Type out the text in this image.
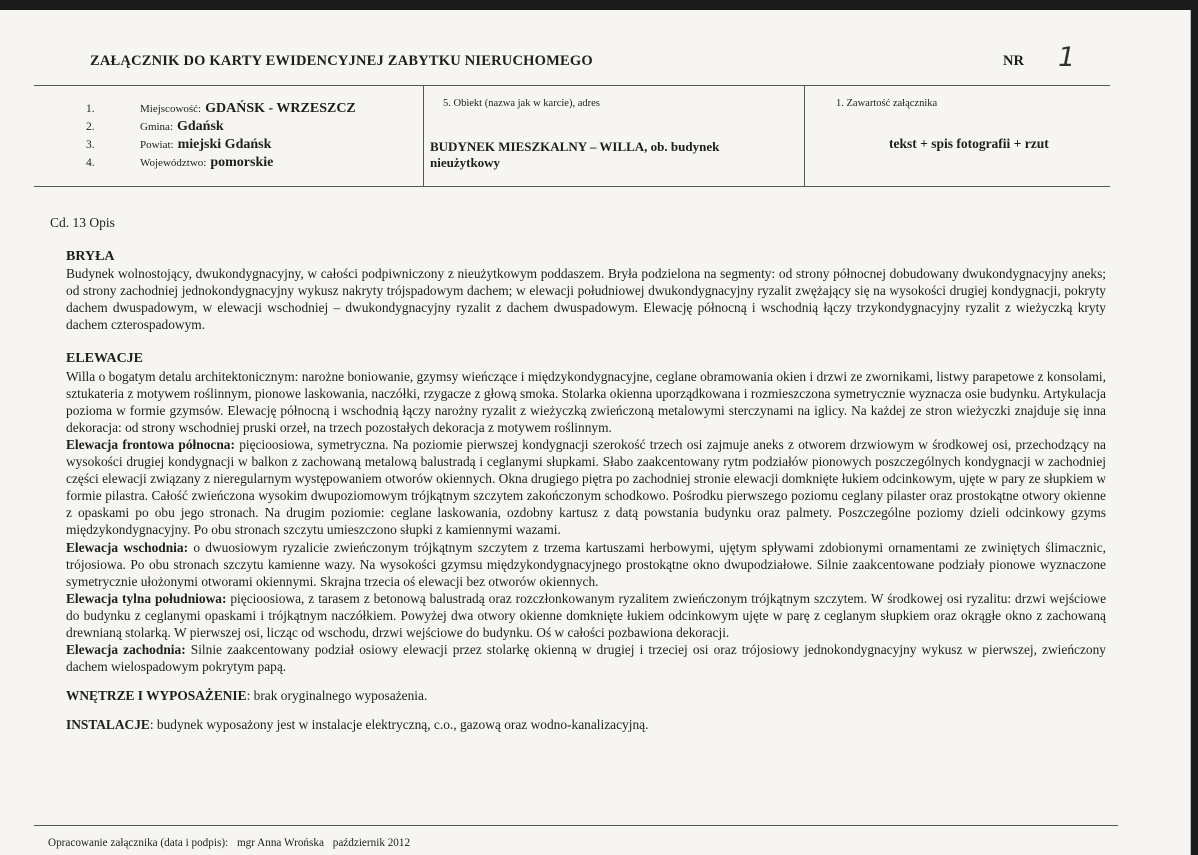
ZAŁĄCZNIK DO KARTY EWIDENCYJNEJ ZABYTKU NIERUCHOMEGO	NR 1
1.	Miejscowość: GDAŃSK - WRZESZCZ
2.	Gmina: Gdańsk
3.	Powiat: miejski Gdańsk
4.	Województwo: pomorskie
5. Obiekt (nazwa jak w karcie), adres
BUDYNEK MIESZKALNY – WILLA, ob. budynek nieużytkowy
1. Zawartość załącznika
tekst + spis fotografii + rzut
Cd. 13 Opis

BRYŁA

Budynek wolnostojący, dwukondygnacyjny, w całości podpiwniczony z nieużytkowym poddaszem. Bryła podzielona na segmenty: od strony północnej dobudowany dwukondygnacyjny aneks; od strony zachodniej jednokondygnacyjny wykusz nakryty trójspadowym dachem; w elewacji południowej dwukondygnacyjny ryzalit zwężający się na wysokości drugiej kondygnacji, pokryty dachem dwuspadowym, w elewacji wschodniej – dwukondygnacyjny ryzalit z dachem dwuspadowym. Elewację północną i wschodnią łączy trzykondygnacyjny ryzalit z wieżyczką kryty dachem czterospadowym.

ELEWACJE

Willa o bogatym detalu architektonicznym: narożne boniowanie, gzymsy wieńczące i międzykondygnacyjne, ceglane obramowania okien i drzwi ze zwornikami, listwy parapetowe z konsolami, sztukateria z motywem roślinnym, pionowe laskowania, naczółki, rzygacze z głową smoka. Stolarka okienna uporządkowana i rozmieszczona symetrycznie wyznacza osie budynku. Artykulacja pozioma w formie gzymsów. Elewację północną i wschodnią łączy narożny ryzalit z wieżyczką zwieńczoną metalowymi sterczynami na iglicy. Na każdej ze stron wieżyczki znajduje się inna dekoracja: od strony wschodniej pruski orzeł, na trzech pozostałych dekoracja z motywem roślinnym.

Elewacja frontowa północna: pięcioosiowa, symetryczna. Na poziomie pierwszej kondygnacji szerokość trzech osi zajmuje aneks z otworem drzwiowym w środkowej osi, przechodzący na wysokości drugiej kondygnacji w balkon z zachowaną metalową balustradą i ceglanymi słupkami. Słabo zaakcentowany rytm podziałów pionowych poszczególnych kondygnacji w zachodniej części elewacji związany z nieregularnym występowaniem otworów okiennych. Okna drugiego piętra po zachodniej stronie elewacji domknięte łukiem odcinkowym, ujęte w pary ze słupkiem w formie pilastra. Całość zwieńczona wysokim dwupoziomowym trójkątnym szczytem zakończonym schodkowo. Pośrodku pierwszego poziomu ceglany pilaster oraz prostokątne otwory okienne z opaskami po obu jego stronach. Na drugim poziomie: ceglane laskowania, ozdobny kartusz z datą powstania budynku oraz palmety. Poszczególne poziomy dzieli odcinkowy gzyms międzykondygnacyjny. Po obu stronach szczytu umieszczono słupki z kamiennymi wazami.

Elewacja wschodnia: o dwuosiowym ryzalicie zwieńczonym trójkątnym szczytem z trzema kartuszami herbowymi, ujętym spływami zdobionymi ornamentami ze zwiniętych ślimacznic, trójosiowa. Po obu stronach szczytu kamienne wazy. Na wysokości gzymsu międzykondygnacyjnego prostokątne okno dwupodziałowe. Silnie zaakcentowane podziały pionowe wyznaczone symetrycznie ułożonymi otworami okiennymi. Skrajna trzecia oś elewacji bez otworów okiennych.

Elewacja tylna południowa: pięcioosiowa, z tarasem z betonową balustradą oraz rozczłonkowanym ryzalitem zwieńczonym trójkątnym szczytem. W środkowej osi ryzalitu: drzwi wejściowe do budynku z ceglanymi opaskami i trójkątnym naczółkiem. Powyżej dwa otwory okienne domknięte łukiem odcinkowym ujęte w parę z ceglanym słupkiem oraz okrągłe okno z zachowaną drewnianą stolarką. W pierwszej osi, licząc od wschodu, drzwi wejściowe do budynku. Oś w całości pozbawiona dekoracji.

Elewacja zachodnia: Silnie zaakcentowany podział osiowy elewacji przez stolarkę okienną w drugiej i trzeciej osi oraz trójosiowy jednokondygnacyjny wykusz w pierwszej, zwieńczony dachem wielospadowym pokrytym papą.

WNĘTRZE I WYPOSAŻENIE: brak oryginalnego wyposażenia.

INSTALACJE: budynek wyposażony jest w instalacje elektryczną, c.o., gazową oraz wodno-kanalizacyjną.

Opracowanie załącznika (data i podpis): mgr Anna Wrońska październik 2012
